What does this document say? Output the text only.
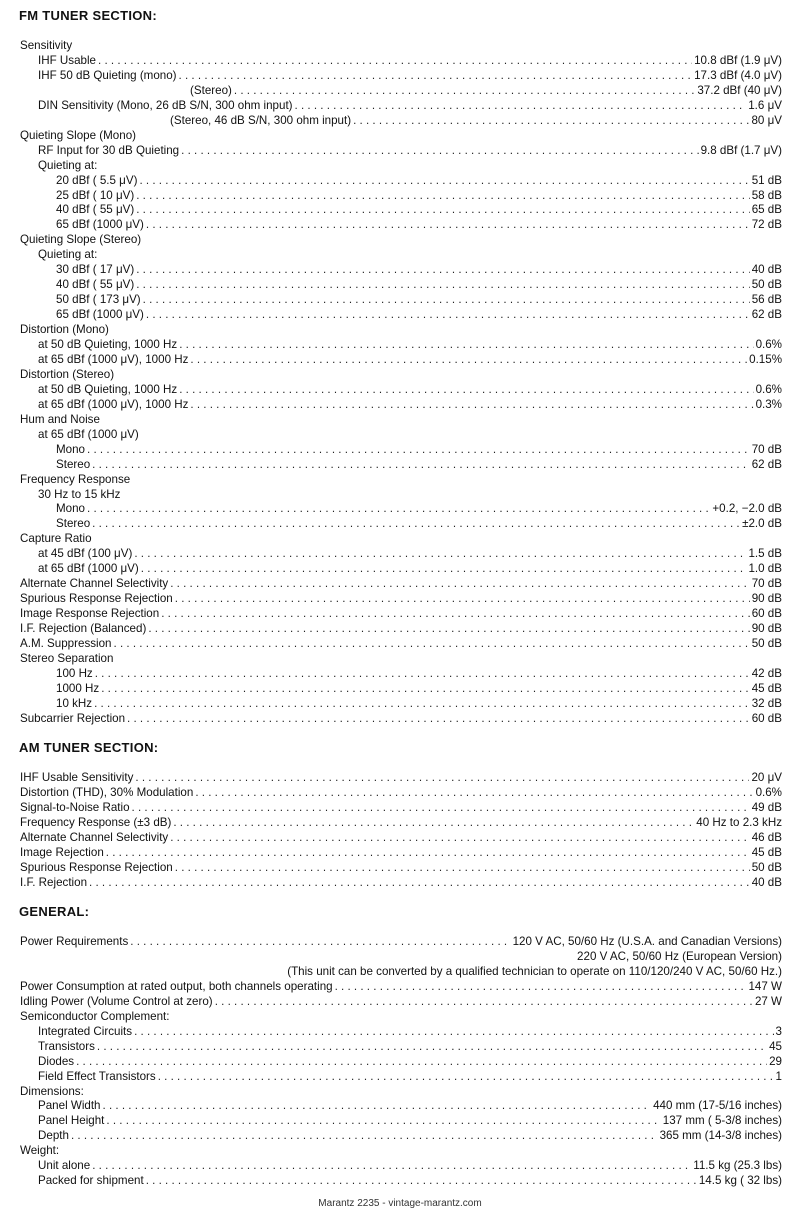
FM TUNER SECTION:
Sensitivity
IHF Usable . . .	10.8 dBf (1.9 μV)
IHF 50 dB Quieting (mono) . . .	17.3 dBf (4.0 μV)
(Stereo) . . .	37.2 dBf (40 μV)
DIN Sensitivity (Mono, 26 dB S/N, 300 ohm input) . . .	1.6 μV
(Stereo, 46 dB S/N, 300 ohm input) . . .	80 μV
Quieting Slope (Mono)
RF Input for 30 dB Quieting . . .	9.8 dBf (1.7 μV)
Quieting at:
20 dBf ( 5.5 μV) . . .	51 dB
25 dBf ( 10 μV) . . .	58 dB
40 dBf ( 55 μV) . . .	65 dB
65 dBf (1000 μV) . . .	72 dB
Quieting Slope (Stereo)
Quieting at:
30 dBf ( 17 μV) . . .	40 dB
40 dBf ( 55 μV) . . .	50 dB
50 dBf ( 173 μV) . . .	56 dB
65 dBf (1000 μV) . . .	62 dB
Distortion (Mono)
at 50 dB Quieting, 1000 Hz . . .	0.6%
at 65 dBf (1000 μV), 1000 Hz . . .	0.15%
Distortion (Stereo)
at 50 dB Quieting, 1000 Hz . . .	0.6%
at 65 dBf (1000 μV), 1000 Hz . . .	0.3%
Hum and Noise
at 65 dBf (1000 μV)
Mono . . .	70 dB
Stereo . . .	62 dB
Frequency Response
30 Hz to 15 kHz
Mono . . .	+0.2, −2.0 dB
Stereo . . .	±2.0 dB
Capture Ratio
at 45 dBf (100 μV) . . .	1.5 dB
at 65 dBf (1000 μV) . . .	1.0 dB
Alternate Channel Selectivity . . .	70 dB
Spurious Response Rejection . . .	90 dB
Image Response Rejection . . .	60 dB
I.F. Rejection (Balanced) . . .	90 dB
A.M. Suppression . . .	50 dB
Stereo Separation
100 Hz . . .	42 dB
1000 Hz . . .	45 dB
10 kHz . . .	32 dB
Subcarrier Rejection . . .	60 dB
AM TUNER SECTION:
IHF Usable Sensitivity . . .	20 μV
Distortion (THD), 30% Modulation . . .	0.6%
Signal-to-Noise Ratio . . .	49 dB
Frequency Response (±3 dB) . . .	40 Hz to 2.3 kHz
Alternate Channel Selectivity . . .	46 dB
Image Rejection . . .	45 dB
Spurious Response Rejection . . .	50 dB
I.F. Rejection . . .	40 dB
GENERAL:
Power Requirements . . .	120 V AC, 50/60 Hz (U.S.A. and Canadian Versions)
220 V AC, 50/60 Hz (European Version)
(This unit can be converted by a qualified technician to operate on 110/120/240 V AC, 50/60 Hz.)
Power Consumption at rated output, both channels operating . . .	147 W
Idling Power (Volume Control at zero) . . .	27 W
Semiconductor Complement:
Integrated Circuits . . .	3
Transistors . . .	45
Diodes . . .	29
Field Effect Transistors . . .	1
Dimensions:
Panel Width . . .	440 mm (17-5/16 inches)
Panel Height . . .	137 mm ( 5-3/8 inches)
Depth . . .	365 mm (14-3/8 inches)
Weight:
Unit alone . . .	11.5 kg (25.3 lbs)
Packed for shipment . . .	14.5 kg ( 32 lbs)
Marantz 2235 - vintage-marantz.com
